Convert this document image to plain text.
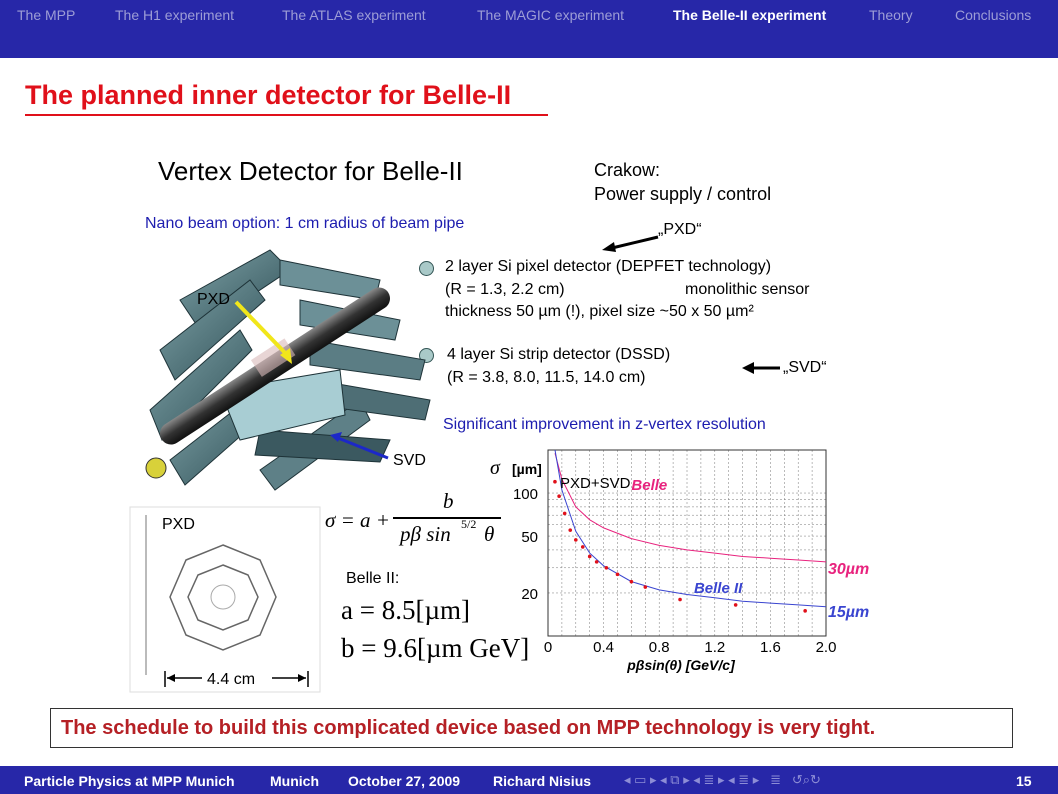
The MPP	The H1 experiment	The ATLAS experiment	The MAGIC experiment	The Belle-II experiment	Theory	Conclusions
The planned inner detector for Belle-II
Vertex Detector for Belle-II	Crakow:
Power supply / control
Nano beam option: 1 cm radius of beam pipe	„PXD“
2 layer Si pixel detector (DEPFET technology)
(R = 1.3, 2.2 cm)	monolithic sensor
thickness 50 µm (!), pixel size ~50 x 50 µm²
4 layer Si strip detector (DSSD)
(R = 3.8, 8.0, 11.5, 14.0 cm)
„SVD“
Significant improvement in z-vertex resolution
PXD
SVD
PXD
4.4 cm
σ = a +
b
pβ sin 5/2 θ
Belle II:
a = 8.5[µm]
b = 9.6[µm GeV] 0	0.4 0.8 1.2 1.6 2.0
20
50
100
PXD+SVD
σ [µm]
pβsin(θ) [GeV/c]
Belle
Belle II
30µm
15µm
The schedule to build this complicated device based on MPP technology is very tight.
Particle Physics at MPP Munich	Munich October 27, 2009 Richard Nisius	◂ ▭ ▸ ◂ ⧉ ▸ ◂ ≣ ▸ ◂ ≣ ▸   ≣   ↺⌕↻	15
